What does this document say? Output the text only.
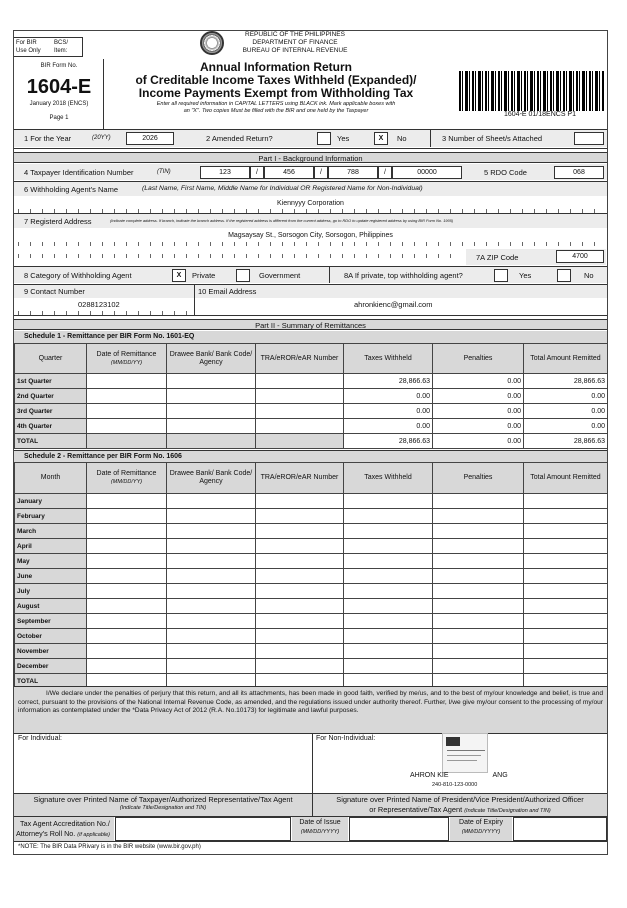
For BIR
Use Only
BCS/
Item:
REPUBLIC OF THE PHILIPPINES
DEPARTMENT OF FINANCE
BUREAU OF INTERNAL REVENUE
BIR Form No.
1604-E
January 2018 (ENCS)
Page 1
Annual Information Return
of Creditable Income Taxes Withheld (Expanded)/
Income Payments Exempt from Withholding Tax
Enter all required information in CAPITAL LETTERS using BLACK ink. Mark applicable boxes with
an "X". Two copies Must be filled with the BIR and one held by the Taxpayer	1604-E 01/18ENCS P1
1 For the Year	(20YY)	2026	2 Amended Return?	Yes	X	No	3 Number of Sheet/s Attached
Part I - Background Information
4 Taxpayer Identification Number	(TIN)	123	/	456	/	788	/	00000	5 RDO Code	068
6 Withholding Agent's Name	(Last Name, First Name, Middle Name for Individual OR Registered Name for Non-Individual)
Kiennyyy Corporation
7 Registerd Address	(Indicate complete address. If branch, indicate the branch address. If the registered address is different from the current address, go to RDO to update registered address by using BIR Form No. 1905)
Magsaysay St., Sorsogon City, Sorsogon, Philippines
7A ZIP Code	4700
8 Category of Withholding Agent	X	Private	Government	8A If private, top withholding agent?	Yes	No
9 Contact Number	10 Email Address
0288123102	ahronkienc@gmail.com
Part II - Summary of Remittances
Schedule 1 - Remittance per BIR Form No. 1601-EQ
Quarter	Date of Remittance
(MM/DD/YY)	Drawee Bank/ Bank Code/ Agency	TRA/eROR/eAR Number	Taxes Withheld	Penalties	Total Amount Remitted
1st Quarter				28,866.63	0.00	28,866.63
2nd Quarter				0.00	0.00	0.00
3rd Quarter				0.00	0.00	0.00
4th Quarter				0.00	0.00	0.00
TOTAL				28,866.63	0.00	28,866.63
Schedule 2 - Remittance per BIR Form No. 1606
Month	Date of Remittance
(MM/DD/YY)	Drawee Bank/ Bank Code/ Agency	TRA/eROR/eAR Number	Taxes Withheld	Penalties	Total Amount Remitted
January						
February						
March						
April						
May						
June						
July						
August						
September						
October						
November						
December						
TOTAL						
I/We declare under the penalties of perjury that this return, and all its attachments, has been made in good faith, verified by me/us, and to the best of my/our knowledge and belief, is true and correct, pursuant to the provisions of the National Internal Revenue Code, as amended, and the regulations issued under authority thereof. Further, I/we give my/our consent to the processing of my/our information as contemplated under the *Data Privacy Act of 2012 (R.A. No.10173) for legitimate and lawful purposes.
For Individual:	For Non-Individual:
AHRON KIE	ANG
240-810-123-0000
Signature over Printed Name of Taxpayer/Authorized Representative/Tax Agent
(Indicate Title/Designation and TIN)
Signature over Printed Name of President/Vice President/Authorized Officer
or Representative/Tax Agent (Indicate Title/Designation and TIN)
Tax Agent Accreditation No./
Attorney's Roll No. (if applicable)
Date of Issue
(MM/DD/YYYY)
Date of Expiry
(MM/DD/YYYY)
*NOTE: The BIR Data PRivary is in the BIR website (www.bir.gov.ph)
